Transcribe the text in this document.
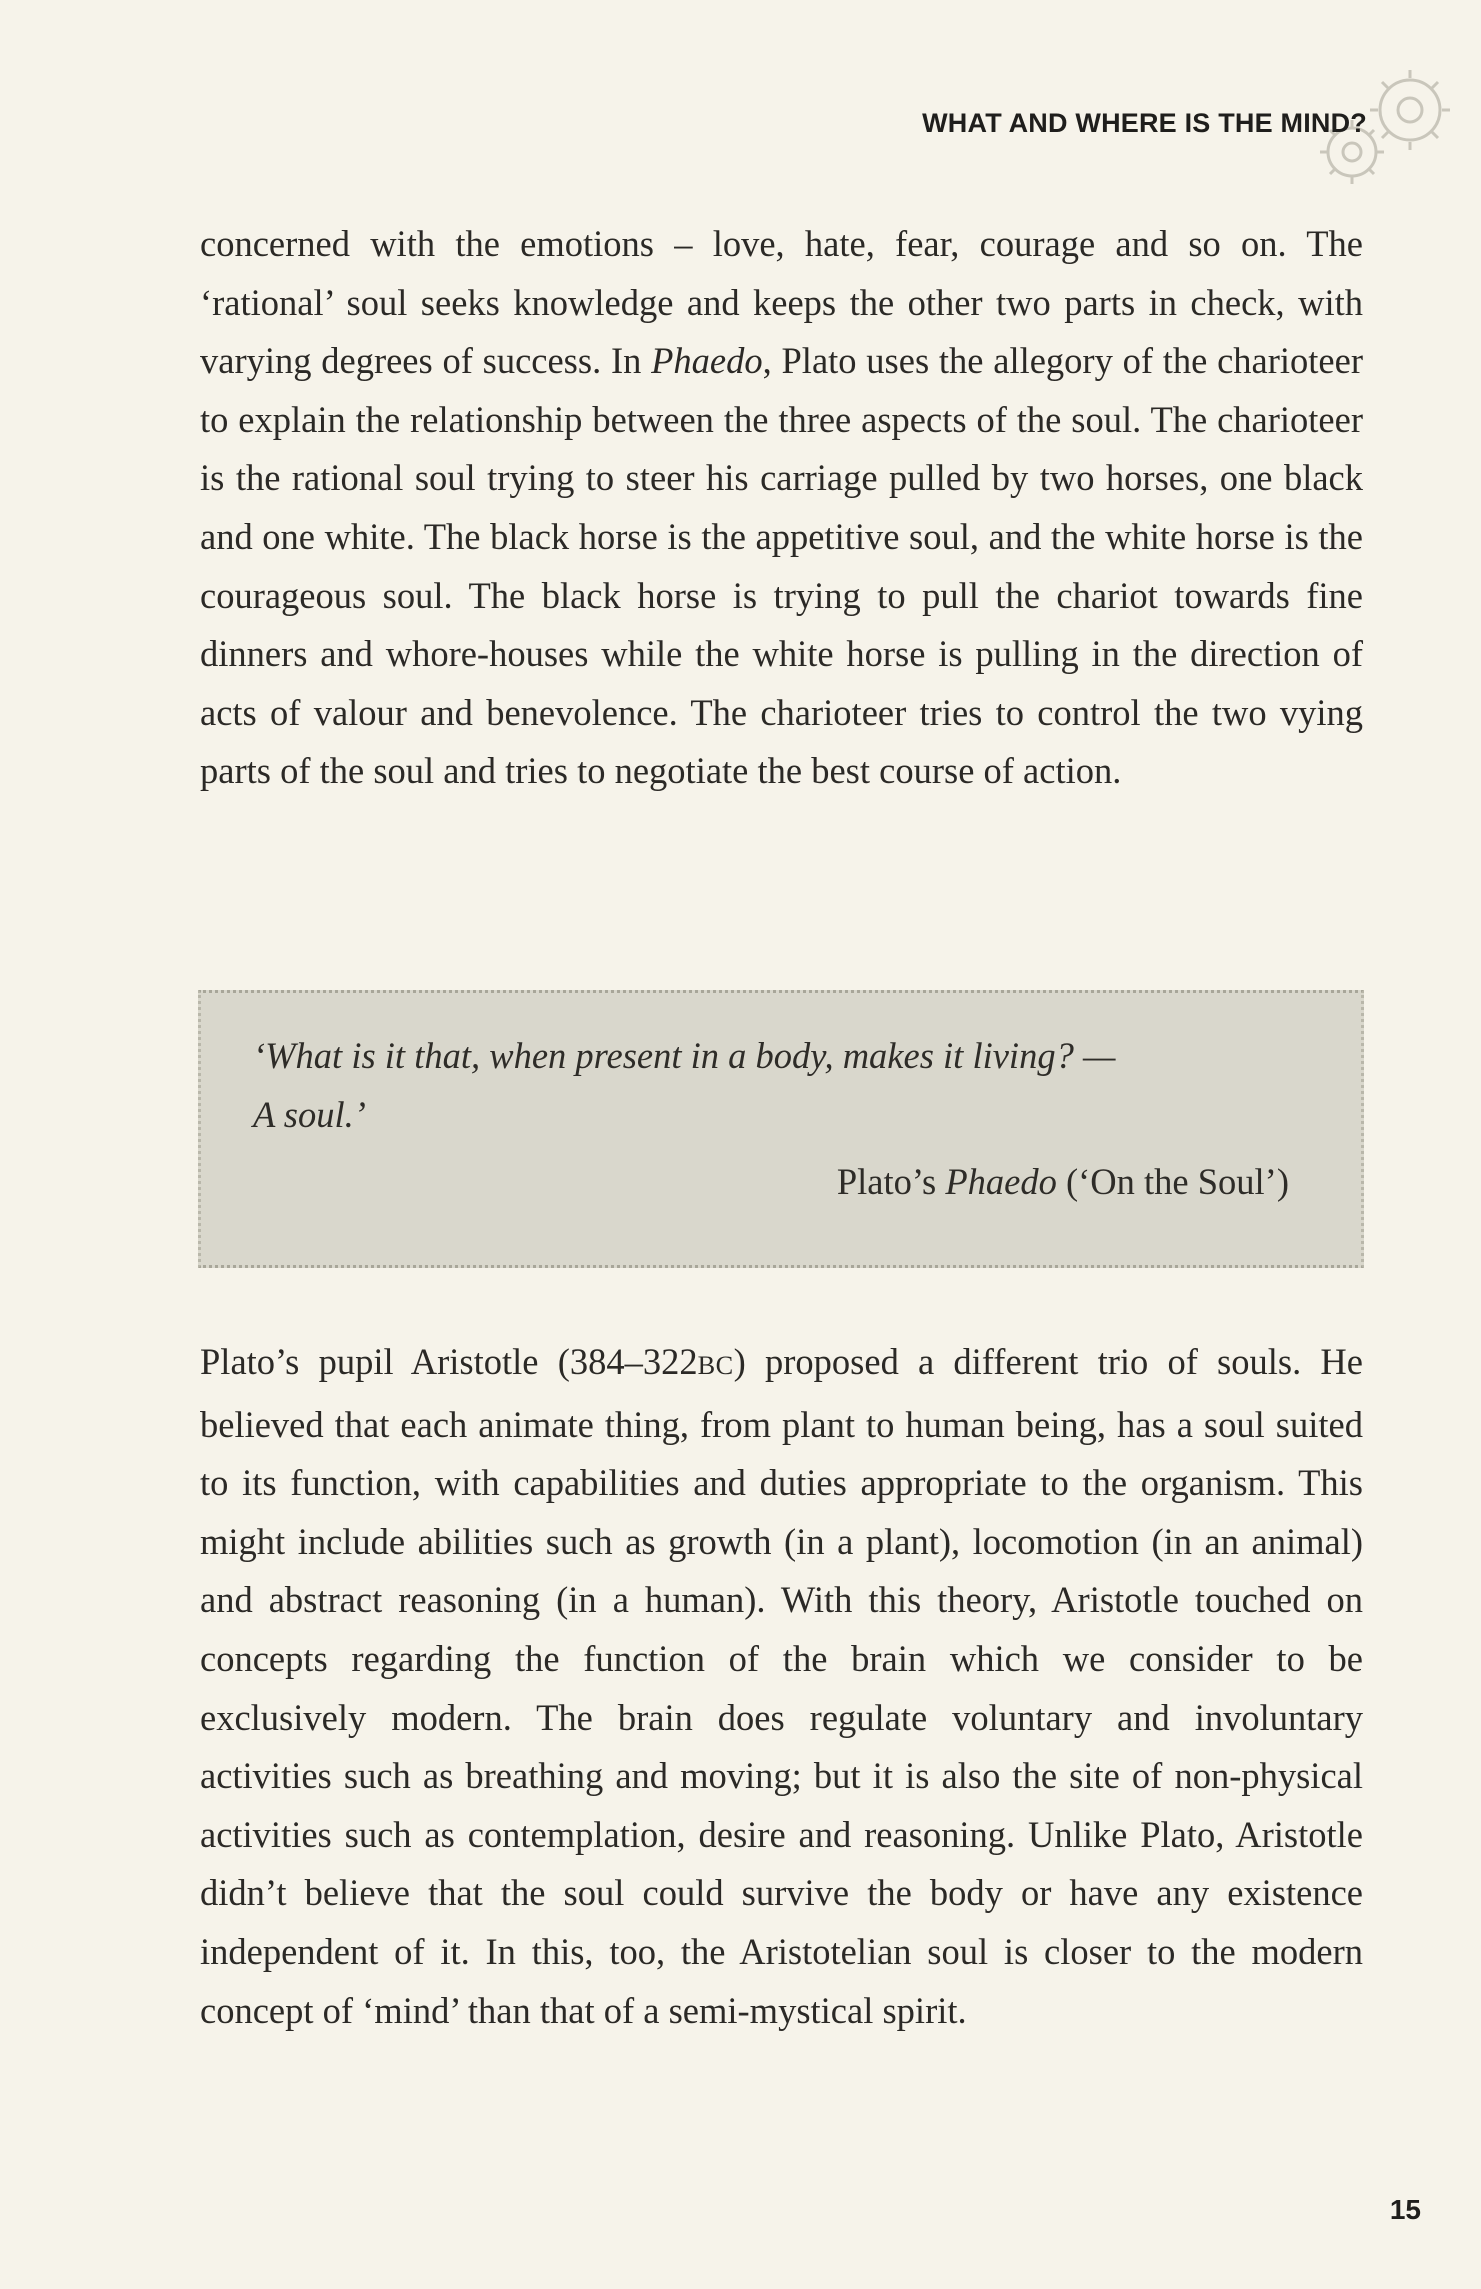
WHAT AND WHERE IS THE MIND?

concerned with the emotions – love, hate, fear, courage and so on. The ‘rational’ soul seeks knowledge and keeps the other two parts in check, with varying degrees of success. In Phaedo, Plato uses the allegory of the charioteer to explain the relationship between the three aspects of the soul. The charioteer is the rational soul trying to steer his carriage pulled by two horses, one black and one white. The black horse is the appetitive soul, and the white horse is the courageous soul. The black horse is trying to pull the chariot towards fine dinners and whore-houses while the white horse is pulling in the direction of acts of valour and benevolence. The charioteer tries to control the two vying parts of the soul and tries to negotiate the best course of action.

‘What is it that, when present in a body, makes it living? —
A soul.’
Plato’s Phaedo (‘On the Soul’)

Plato’s pupil Aristotle (384–322BC) proposed a different trio of souls. He believed that each animate thing, from plant to human being, has a soul suited to its function, with capabilities and duties appropriate to the organism. This might include abilities such as growth (in a plant), locomotion (in an animal) and abstract reasoning (in a human). With this theory, Aristotle touched on concepts regarding the function of the brain which we consider to be exclusively modern. The brain does regulate voluntary and involuntary activities such as breathing and moving; but it is also the site of non-physical activities such as contemplation, desire and reasoning. Unlike Plato, Aristotle didn’t believe that the soul could survive the body or have any existence independent of it. In this, too, the Aristotelian soul is closer to the modern concept of ‘mind’ than that of a semi-mystical spirit.

15
